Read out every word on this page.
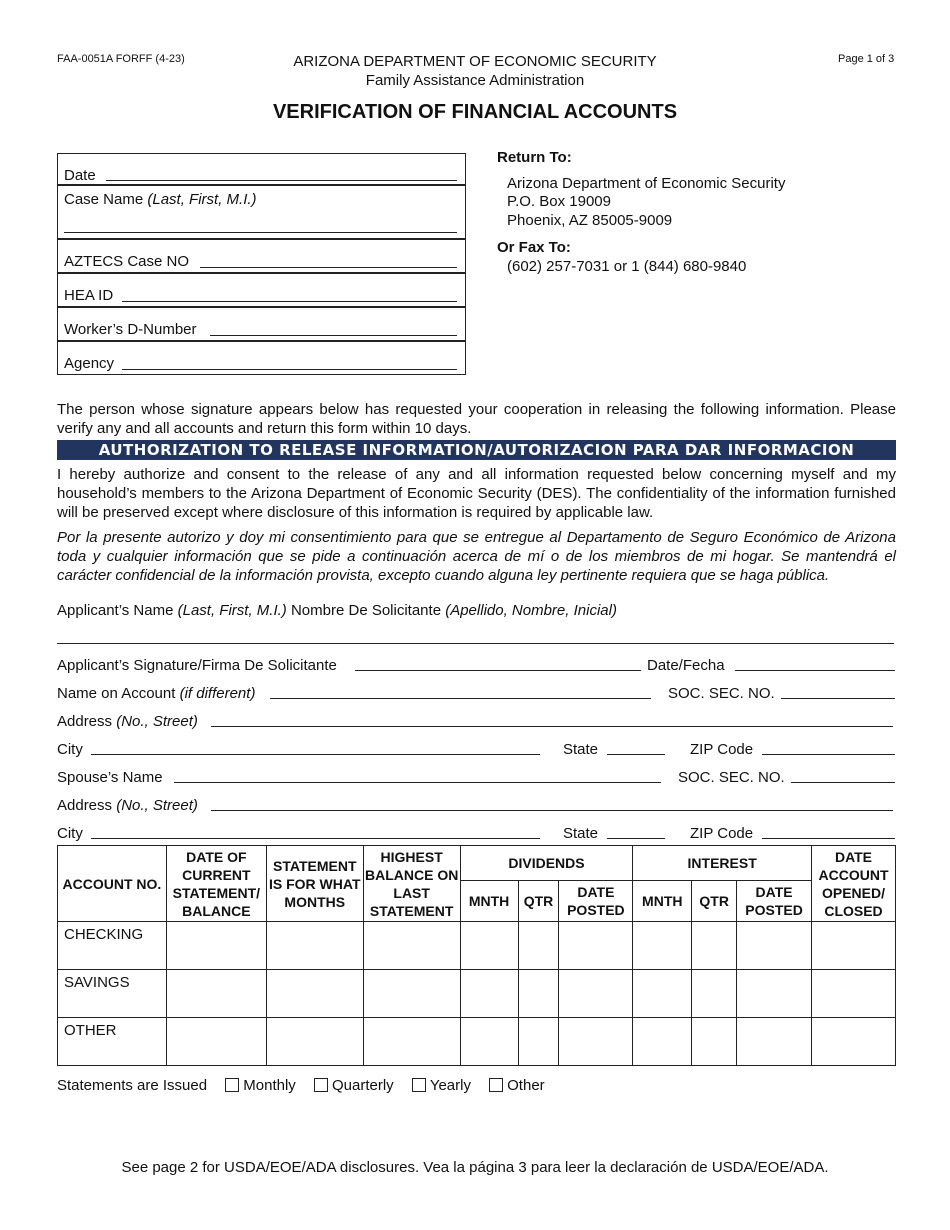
FAA-0051A FORFF (4-23)	ARIZONA DEPARTMENT OF ECONOMIC SECURITY
Family Assistance Administration
Page 1 of 3
VERIFICATION OF FINANCIAL ACCOUNTS
Date
Case Name (Last, First, M.I.)
AZTECS Case NO
HEA ID
Worker’s D-Number
Agency
Return To:
Arizona Department of Economic Security
P.O. Box 19009
Phoenix, AZ 85005-9009
Or Fax To:
(602) 257-7031 or 1 (844) 680-9840
The person whose signature appears below has requested your cooperation in releasing the following information. Please verify any and all accounts and return this form within 10 days.
AUTHORIZATION TO RELEASE INFORMATION/AUTORIZACION PARA DAR INFORMACION
I hereby authorize and consent to the release of any and all information requested below concerning myself and my household’s members to the Arizona Department of Economic Security (DES). The confidentiality of the information furnished will be preserved except where disclosure of this information is required by applicable law.
Por la presente autorizo y doy mi consentimiento para que se entregue al Departamento de Seguro Económico de Arizona toda y cualquier información que se pide a continuación acerca de mí o de los miembros de mi hogar. Se mantendrá el carácter confidencial de la información provista, excepto cuando alguna ley pertinente requiera que se haga pública.
Applicant’s Name (Last, First, M.I.) Nombre De Solicitante (Apellido, Nombre, Inicial)
Applicant’s Signature/Firma De Solicitante	Date/Fecha
Name on Account (if different)	SOC. SEC. NO.
Address (No., Street)
City	State	ZIP Code
Spouse’s Name	SOC. SEC. NO.
Address (No., Street)
City	State	ZIP Code
ACCOUNT NO.	DATE OF CURRENT STATEMENT/ BALANCE	STATEMENT IS FOR WHAT MONTHS	HIGHEST BALANCE ON LAST STATEMENT	DIVIDENDS			INTEREST			DATE ACCOUNT OPENED/ CLOSED
				MNTH	QTR	DATE POSTED	MNTH	QTR	DATE POSTED	
CHECKING										
SAVINGS										
OTHER										
Statements are Issued Monthly Quarterly Yearly Other
See page 2 for USDA/EOE/ADA disclosures. Vea la página 3 para leer la declaración de USDA/EOE/ADA.
